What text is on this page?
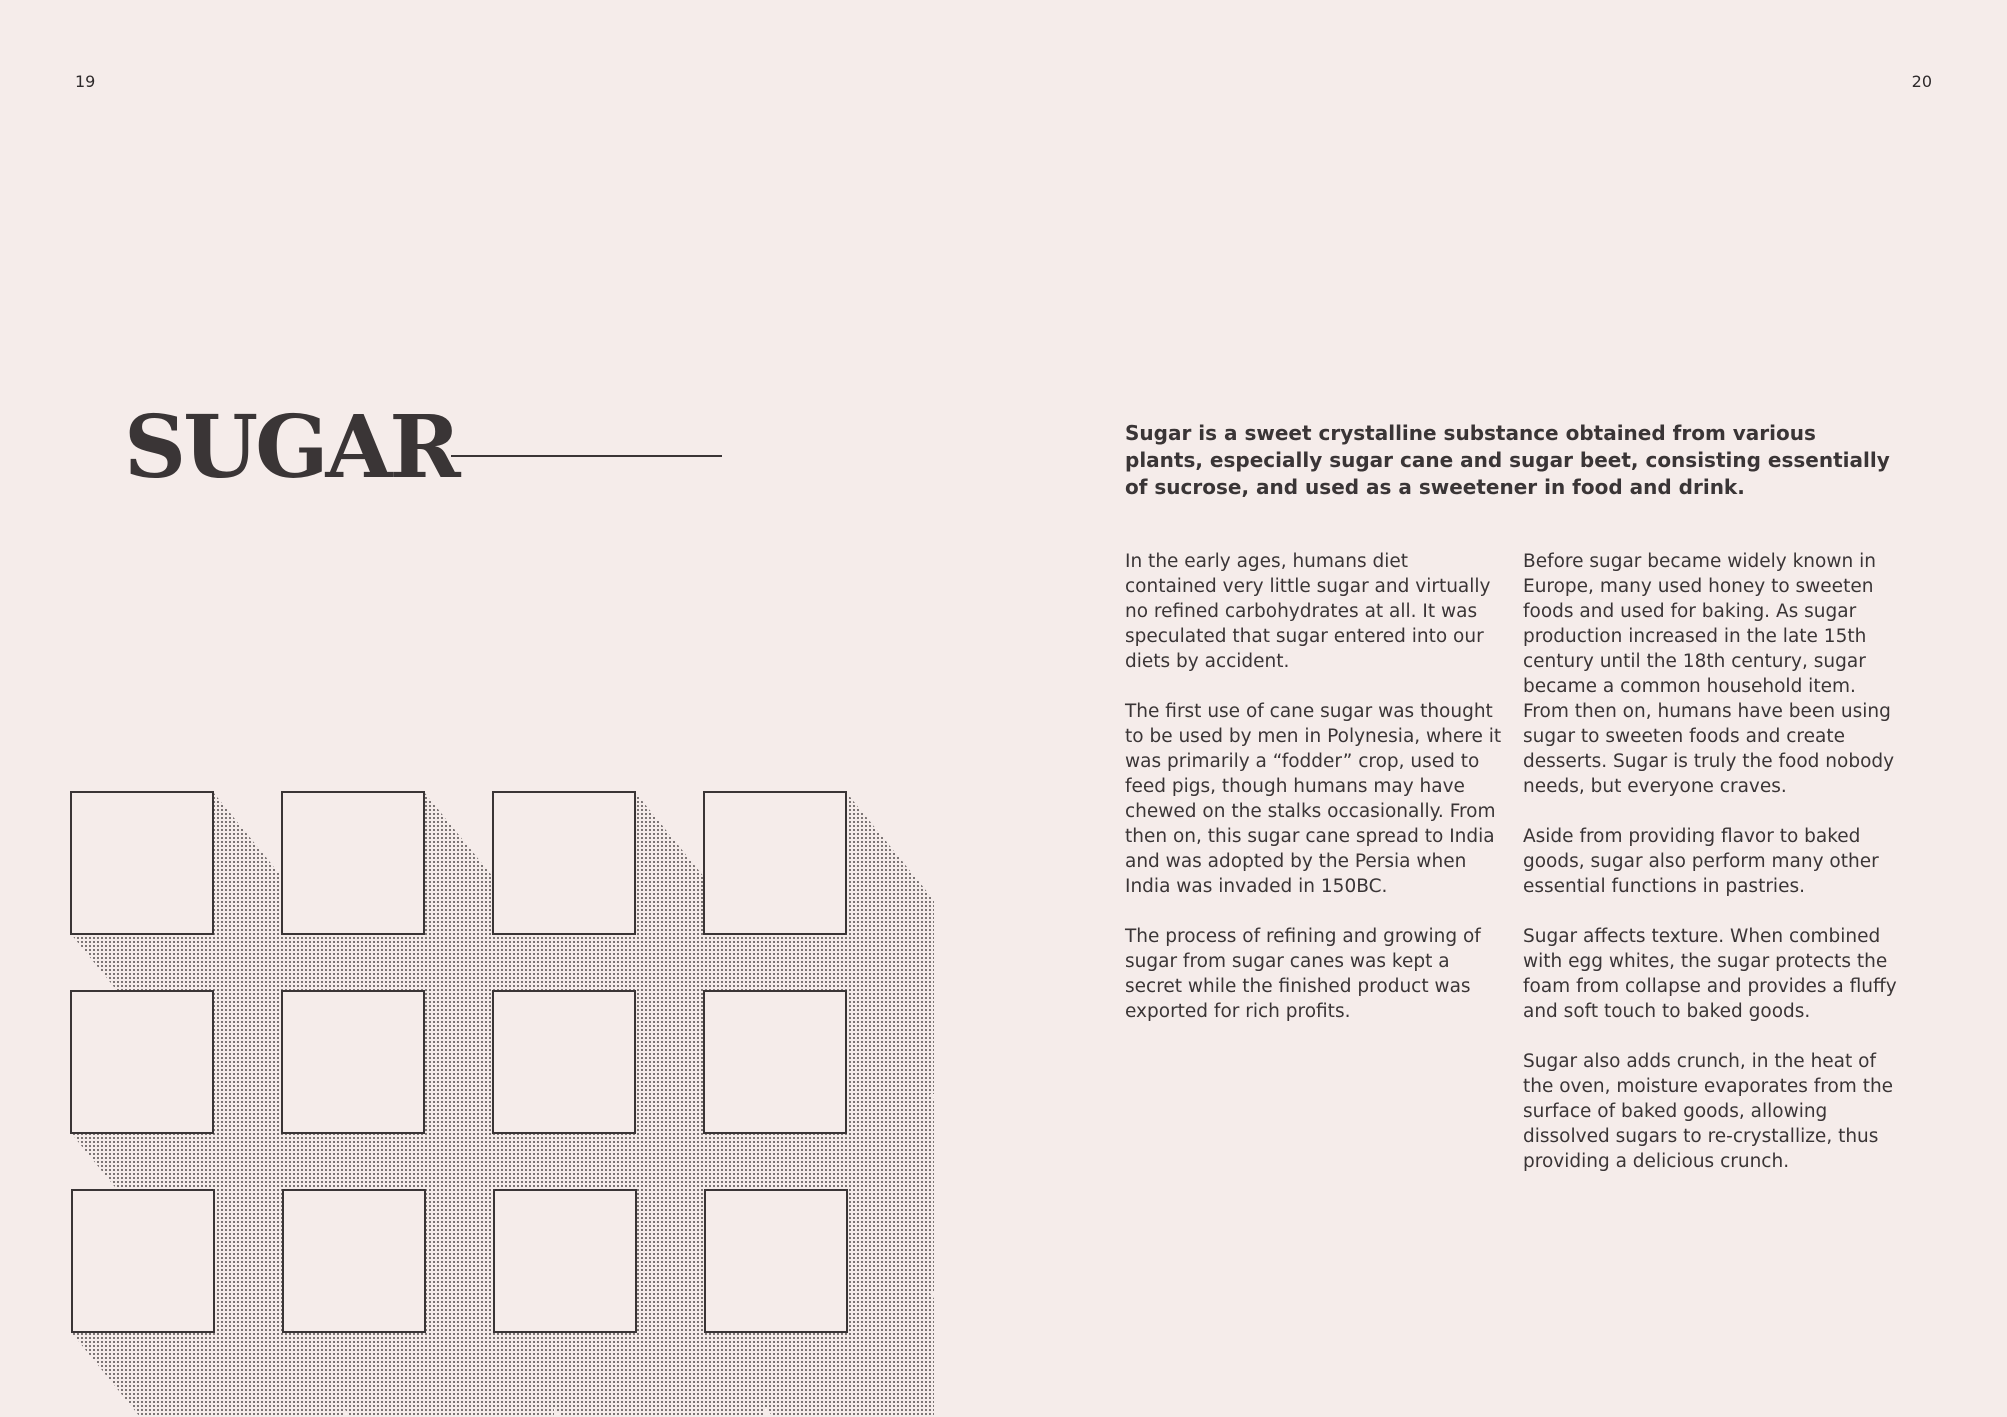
19	20
SUGAR	Sugar is a sweet crystalline substance obtained from various plants, especially sugar cane and sugar beet, consisting essentially of sucrose, and used as a sweetener in food and drink.

In the early ages, humans diet contained very little sugar and virtually no refined carbohydrates at all. It was speculated that sugar entered into our diets by accident.

The first use of cane sugar was thought to be used by men in Polynesia, where it was primarily a “fodder” crop, used to feed pigs, though humans may have chewed on the stalks occasionally. From then on, this sugar cane spread to India and was adopted by the Persia when India was invaded in 150BC.

The process of refining and growing of sugar from sugar canes was kept a secret while the finished product was exported for rich profits.

Before sugar became widely known in Europe, many used honey to sweeten foods and used for baking. As sugar production increased in the late 15th century until the 18th century, sugar became a common household item. From then on, humans have been using sugar to sweeten foods and create desserts. Sugar is truly the food nobody needs, but everyone craves.

Aside from providing flavor to baked goods, sugar also perform many other essential functions in pastries.

Sugar affects texture. When combined with egg whites, the sugar protects the foam from collapse and provides a fluffy and soft touch to baked goods.

Sugar also adds crunch, in the heat of the oven, moisture evaporates from the surface of baked goods, allowing dissolved sugars to re-crystallize, thus providing a delicious crunch.
